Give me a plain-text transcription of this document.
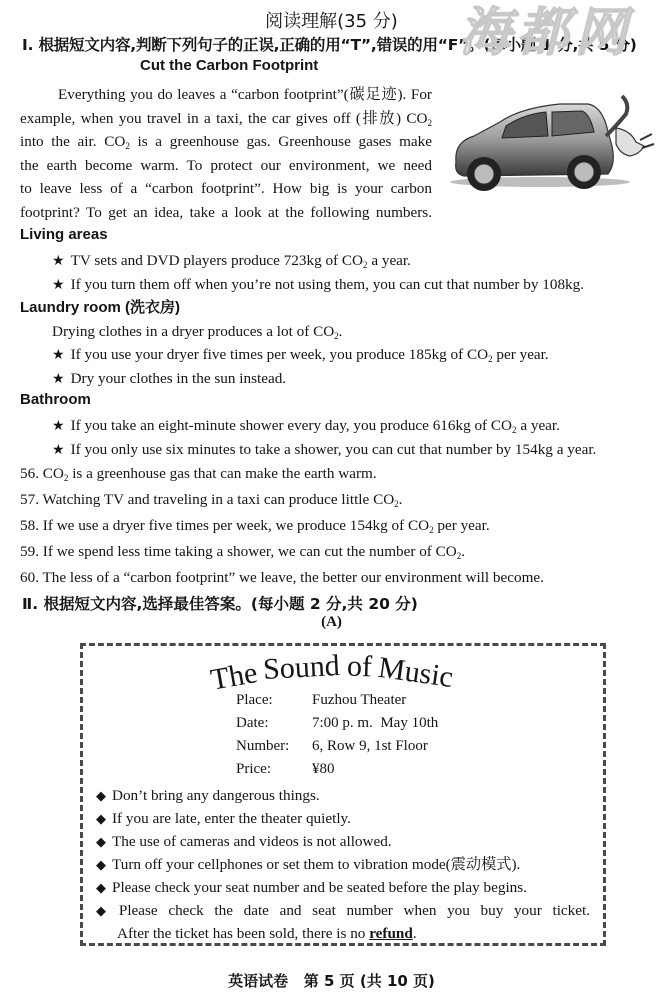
阅读理解(35 分)
Ⅰ. 根据短文内容,判断下列句子的正误,正确的用“T”,错误的用“F”。(每小题 1 分,共 5 分)
Cut the Carbon Footprint

Everything you do leaves a “carbon footprint”(碳足迹). For

example, when you travel in a taxi, the car gives off (排放) $CO_2$

into the air. $CO_2$ is a greenhouse gas. Greenhouse gases make

the earth become warm. To protect our environment, we need

to leave less of a “carbon footprint”. How big is your carbon

footprint? To get an idea, take a look at the following numbers.

Living areas
★ TV sets and DVD players produce 723kg of $CO_2$ a year.
★ If you turn them off when you’re not using them, you can cut that number by 108kg.
Laundry room (洗衣房)
Drying clothes in a dryer produces a lot of $CO_2$.
★ If you use your dryer five times per week, you produce 185kg of $CO_2$ per year.
★ Dry your clothes in the sun instead.
Bathroom
★ If you take an eight-minute shower every day, you produce 616kg of $CO_2$ a year.
★ If you only use six minutes to take a shower, you can cut that number by 154kg a year.
56. $CO_2$ is a greenhouse gas that can make the earth warm.
57. Watching TV and traveling in a taxi can produce little $CO_2$.
58. If we use a dryer five times per week, we produce 154kg of $CO_2$ per year.
59. If we spend less time taking a shower, we can cut the number of $CO_2$.
60. The less of a “carbon footprint” we leave, the better our environment will become.
Ⅱ. 根据短文内容,选择最佳答案。(每小题 2 分,共 20 分)
(A)
The Sound of Music
Place:	Fuzhou Theater
Date:	7:00 p. m.  May 10th
Number: 6, Row 9, 1st Floor
Price:	¥80
◆ Don’t bring any dangerous things.
◆ If you are late, enter the theater quietly.
◆ The use of cameras and videos is not allowed.
◆ Turn off your cellphones or set them to vibration mode(震动模式).
◆ Please check your seat number and be seated before the play begins.
◆ Please check the date and seat number when you buy your ticket.
After the ticket has been sold, there is no refund.
英语试卷   第 5 页 (共 10 页)
海都网
